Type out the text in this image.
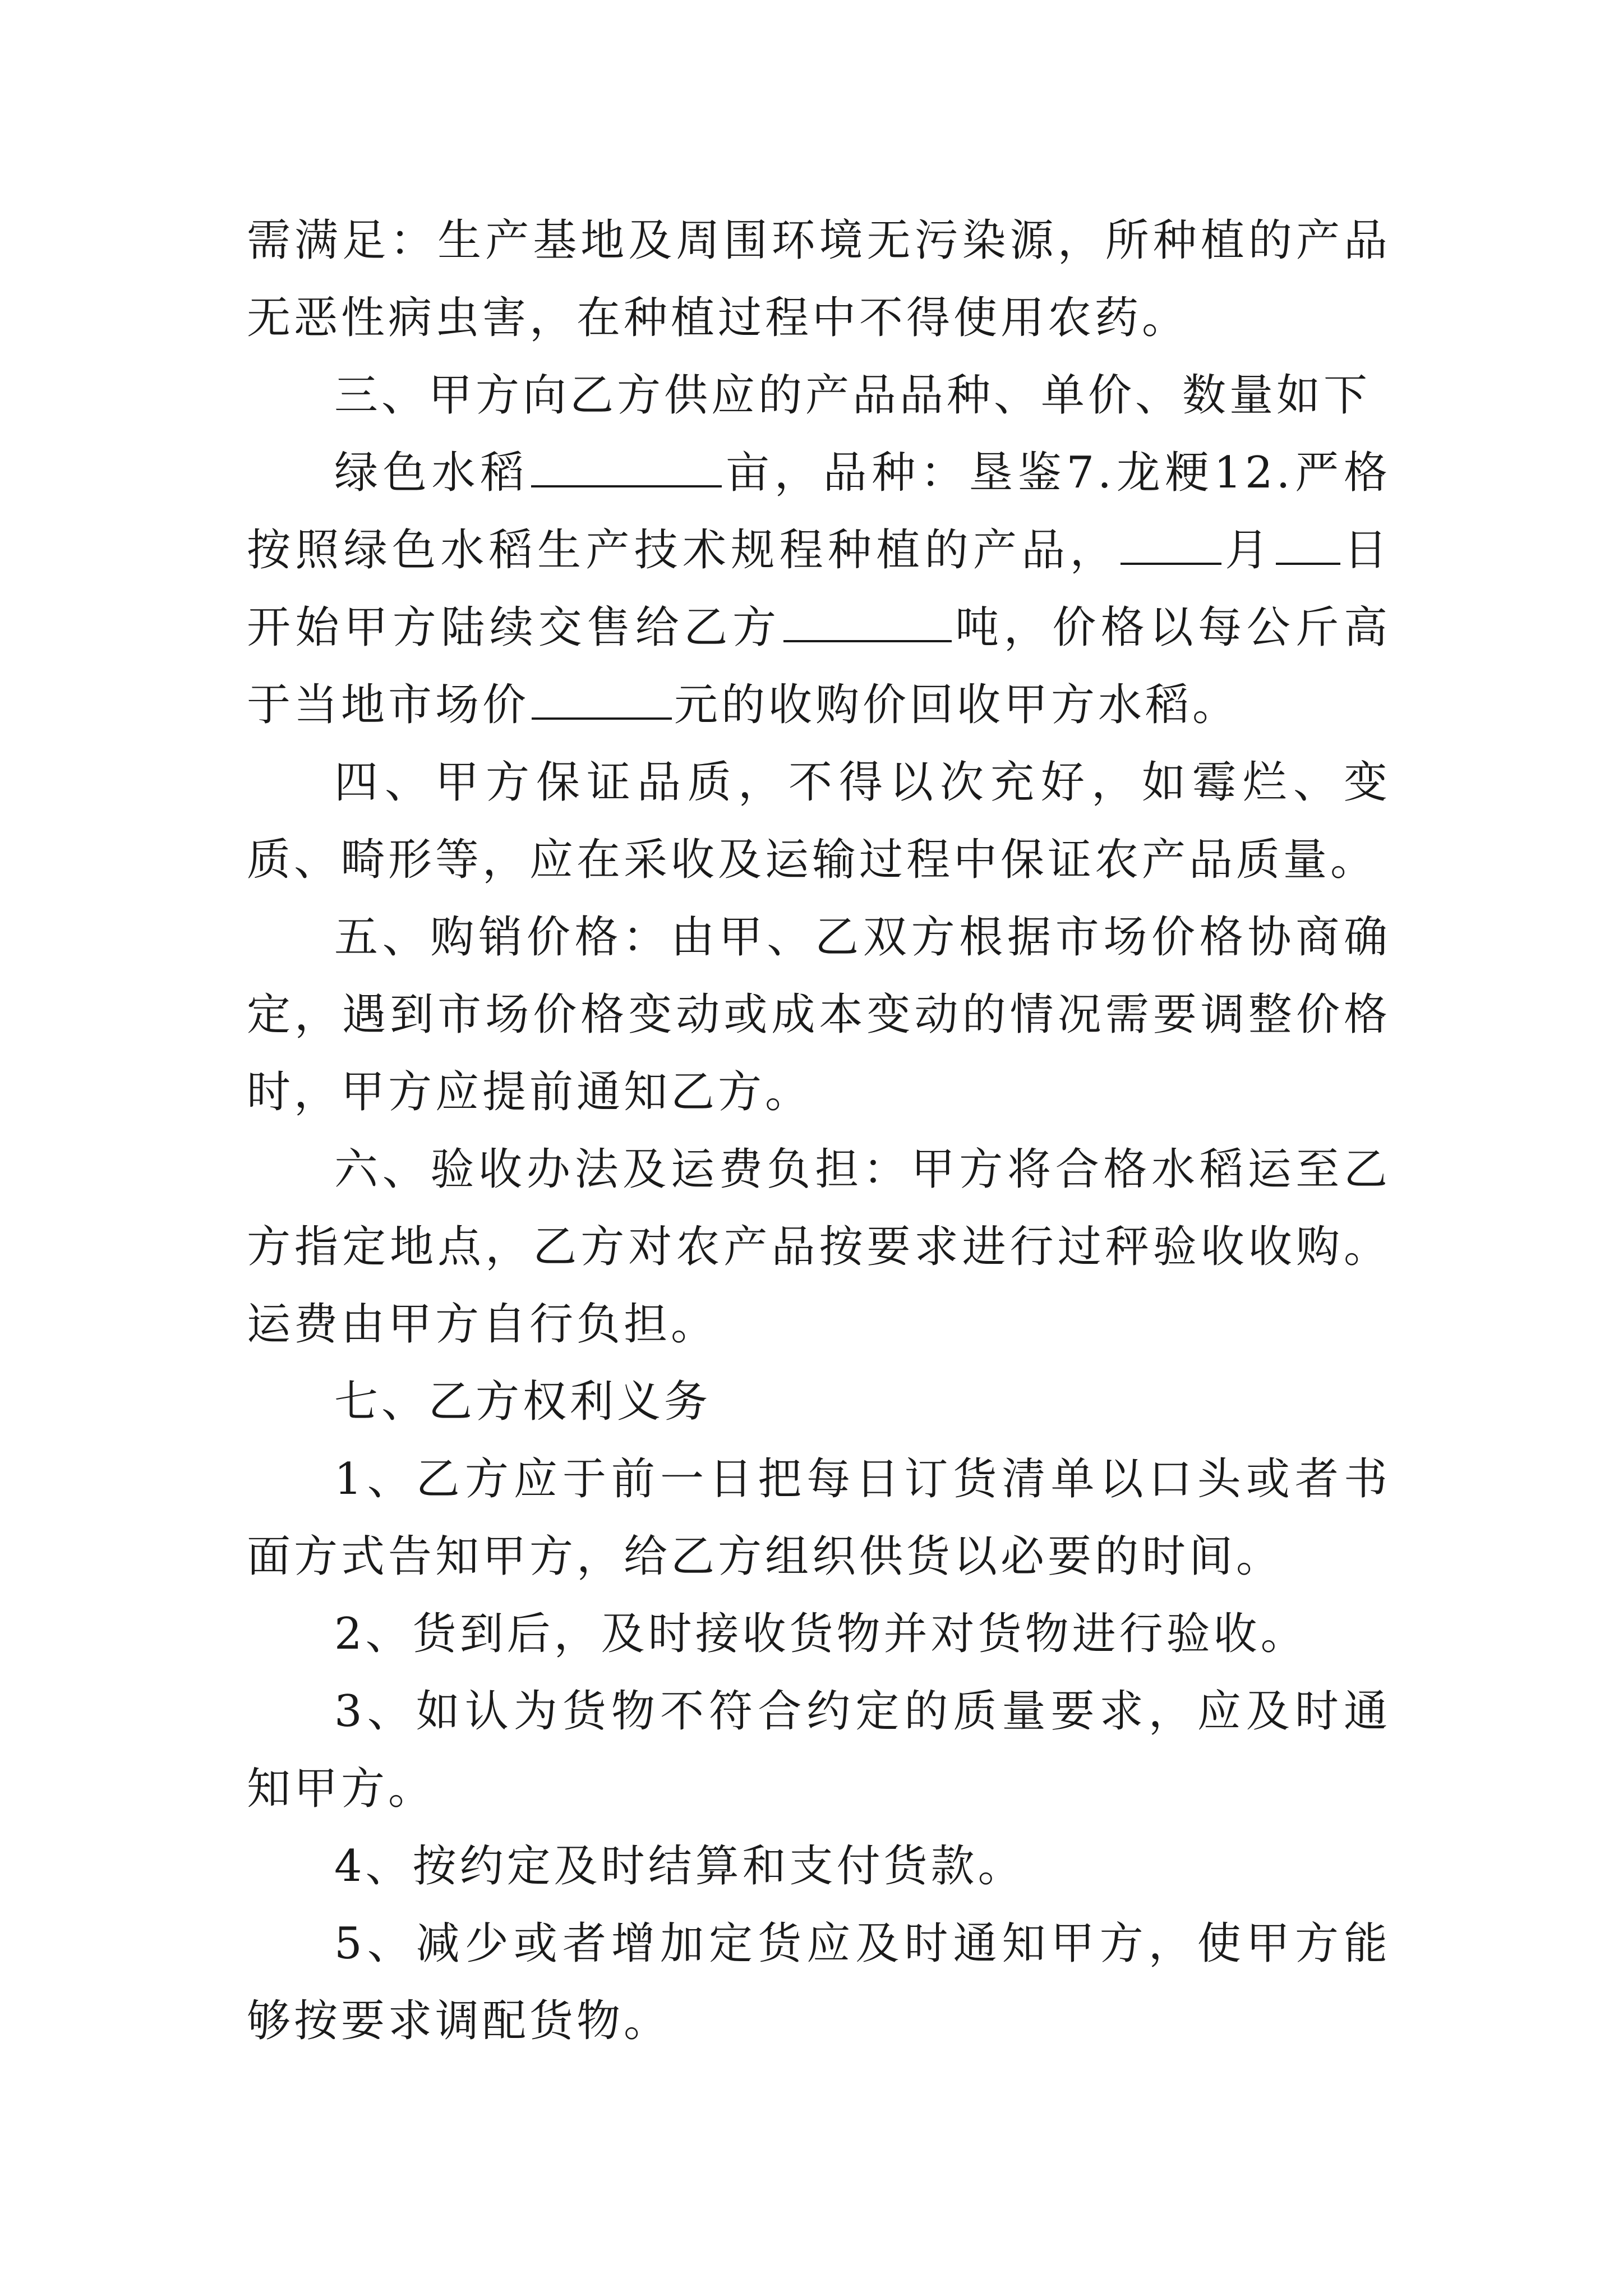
需满足：生产基地及周围环境无污染源，所种植的产品无恶性病虫害，在种植过程中不得使用农药。

三、甲方向乙方供应的产品品种、单价、数量如下

绿色水稻	亩，品种：垦鉴7.龙粳12.严格按照绿色水稻生产技术规程种植的产品， 月 日开始甲方陆续交售给乙方	吨，价格以每公斤高于当地市场价	元的收购价回收甲方水稻。

四、甲方保证品质，不得以次充好，如霉烂、变质、畸形等，应在采收及运输过程中保证农产品质量。

五、购销价格：由甲、乙双方根据市场价格协商确定，遇到市场价格变动或成本变动的情况需要调整价格时，甲方应提前通知乙方。

六、验收办法及运费负担：甲方将合格水稻运至乙方指定地点，乙方对农产品按要求进行过秤验收收购。运费由甲方自行负担。

七、乙方权利义务

1、乙方应于前一日把每日订货清单以口头或者书面方式告知甲方，给乙方组织供货以必要的时间。

2、货到后，及时接收货物并对货物进行验收。

3、如认为货物不符合约定的质量要求，应及时通知甲方。

4、按约定及时结算和支付货款。

5、减少或者增加定货应及时通知甲方，使甲方能够按要求调配货物。
